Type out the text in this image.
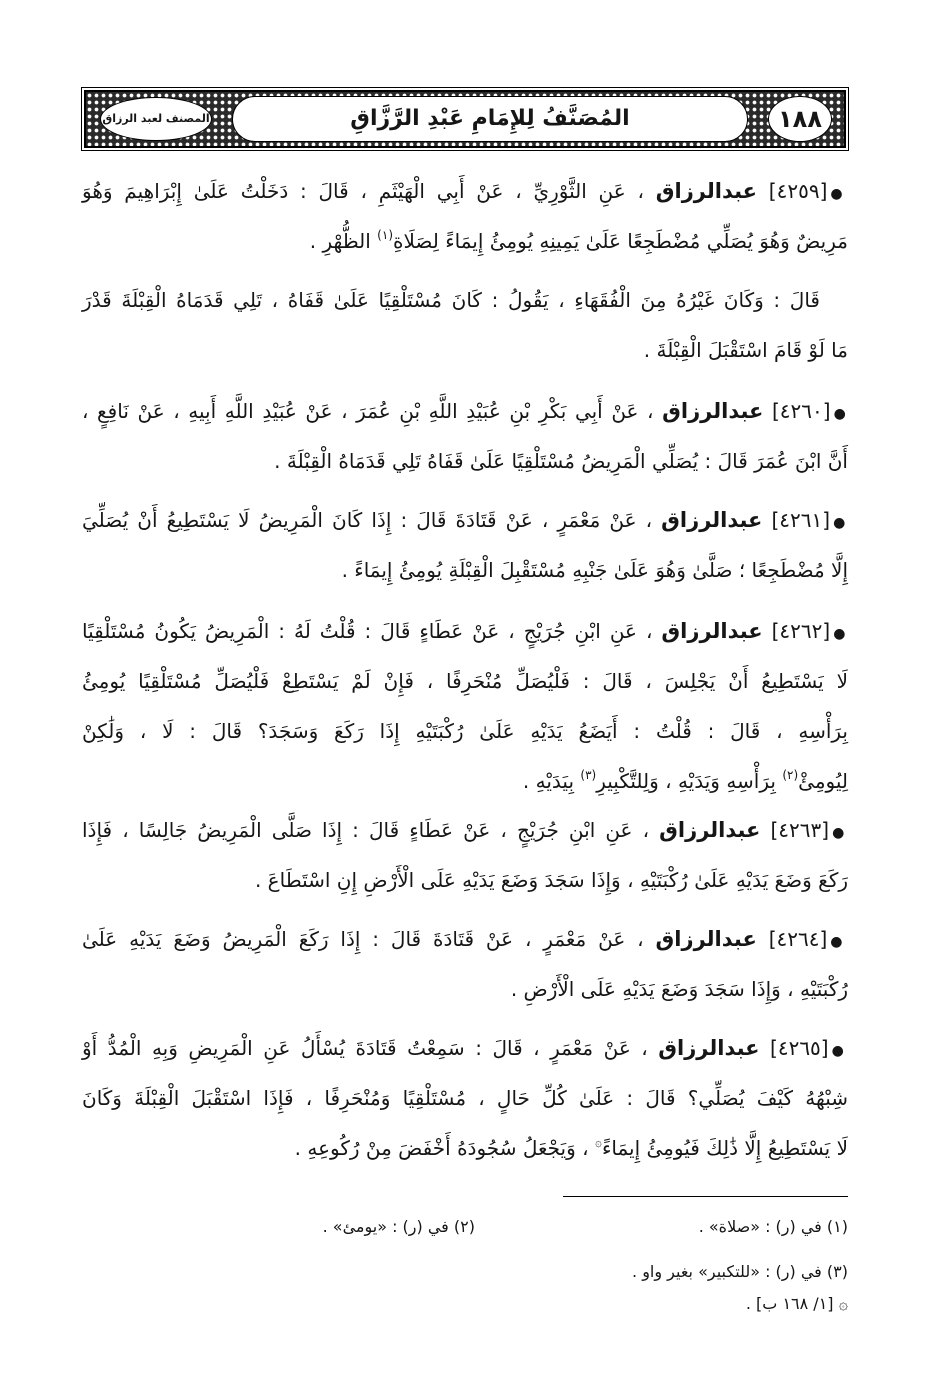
١٨٨
المُصَنَّفُ لِلإِمَامِ عَبْدِ الرَّزَّاقِ
المصنف لعبد الرزاق
●[٤٢٥٩] عبدالرزاق ، عَنِ الثَّوْرِيِّ ، عَنْ أَبِي الْهَيْثَمِ ، قَالَ : دَخَلْتُ عَلَىٰ إِبْرَاهِيمَ وَهُوَ
مَرِيضٌ وَهُوَ يُصَلِّي مُضْطَجِعًا عَلَىٰ يَمِينِهِ يُومِئُ إِيمَاءً لِصَلَاةِ$^{(١)}$ الظُّهْرِ .
قَالَ : وَكَانَ غَيْرُهُ مِنَ الْفُقَهَاءِ ، يَقُولُ : كَانَ مُسْتَلْقِيًا عَلَىٰ قَفَاهُ ، تَلِي قَدَمَاهُ الْقِبْلَةَ قَدْرَ
مَا لَوْ قَامَ اسْتَقْبَلَ الْقِبْلَةَ .
●[٤٢٦٠] عبدالرزاق ، عَنْ أَبِي بَكْرِ بْنِ عُبَيْدِ اللَّهِ بْنِ عُمَرَ ، عَنْ عُبَيْدِ اللَّهِ أَبِيهِ ، عَنْ نَافِعٍ ،
أَنَّ ابْنَ عُمَرَ قَالَ : يُصَلِّي الْمَرِيضُ مُسْتَلْقِيًا عَلَىٰ قَفَاهُ تَلِي قَدَمَاهُ الْقِبْلَةَ .
●[٤٢٦١] عبدالرزاق ، عَنْ مَعْمَرٍ ، عَنْ قَتَادَةَ قَالَ : إِذَا كَانَ الْمَرِيضُ لَا يَسْتَطِيعُ أَنْ يُصَلِّيَ
إِلَّا مُضْطَجِعًا ؛ صَلَّىٰ وَهُوَ عَلَىٰ جَنْبِهِ مُسْتَقْبِلَ الْقِبْلَةِ يُومِئُ إِيمَاءً .
●[٤٢٦٢] عبدالرزاق ، عَنِ ابْنِ جُرَيْجٍ ، عَنْ عَطَاءٍ قَالَ : قُلْتُ لَهُ : الْمَرِيضُ يَكُونُ مُسْتَلْقِيًا
لَا يَسْتَطِيعُ أَنْ يَجْلِسَ ، قَالَ : فَلْيُصَلِّ مُنْحَرِفًا ، فَإِنْ لَمْ يَسْتَطِعْ فَلْيُصَلِّ مُسْتَلْقِيًا يُومِئُ
بِرَأْسِهِ ، قَالَ : قُلْتُ : أَيَضَعُ يَدَيْهِ عَلَىٰ رُكْبَتَيْهِ إِذَا رَكَعَ وَسَجَدَ؟ قَالَ : لَا ، وَلَٰكِنْ
لِيُومِئْ$^{(٢)}$ بِرَأْسِهِ وَيَدَيْهِ ، وَلِلتَّكْبِيرِ$^{(٣)}$ بِيَدَيْهِ .
●[٤٢٦٣] عبدالرزاق ، عَنِ ابْنِ جُرَيْجٍ ، عَنْ عَطَاءٍ قَالَ : إِذَا صَلَّى الْمَرِيضُ جَالِسًا ، فَإِذَا
رَكَعَ وَضَعَ يَدَيْهِ عَلَىٰ رُكْبَتَيْهِ ، وَإِذَا سَجَدَ وَضَعَ يَدَيْهِ عَلَى الْأَرْضِ إِنِ اسْتَطَاعَ .
●[٤٢٦٤] عبدالرزاق ، عَنْ مَعْمَرٍ ، عَنْ قَتَادَةَ قَالَ : إِذَا رَكَعَ الْمَرِيضُ وَضَعَ يَدَيْهِ عَلَىٰ
رُكْبَتَيْهِ ، وَإِذَا سَجَدَ وَضَعَ يَدَيْهِ عَلَى الْأَرْضِ .
●[٤٢٦٥] عبدالرزاق ، عَنْ مَعْمَرٍ ، قَالَ : سَمِعْتُ قَتَادَةَ يُسْأَلُ عَنِ الْمَرِيضِ وَبِهِ الْمُدُّ أَوْ
شِبْهُهُ كَيْفَ يُصَلِّي؟ قَالَ : عَلَىٰ كُلِّ حَالٍ ، مُسْتَلْقِيًا وَمُنْحَرِفًا ، فَإِذَا اسْتَقْبَلَ الْقِبْلَةَ وَكَانَ
لَا يَسْتَطِيعُ إِلَّا ذَٰلِكَ فَيُومِئُ إِيمَاءً۞ ، وَيَجْعَلُ سُجُودَهُ أَخْفَضَ مِنْ رُكُوعِهِ .
(١) في (ر) : «صلاة» .
(٢) في (ر) : «يومئ» .
(٣) في (ر) : «للتكبير» بغير واو .
۞ [١/ ١٦٨ ب] .
